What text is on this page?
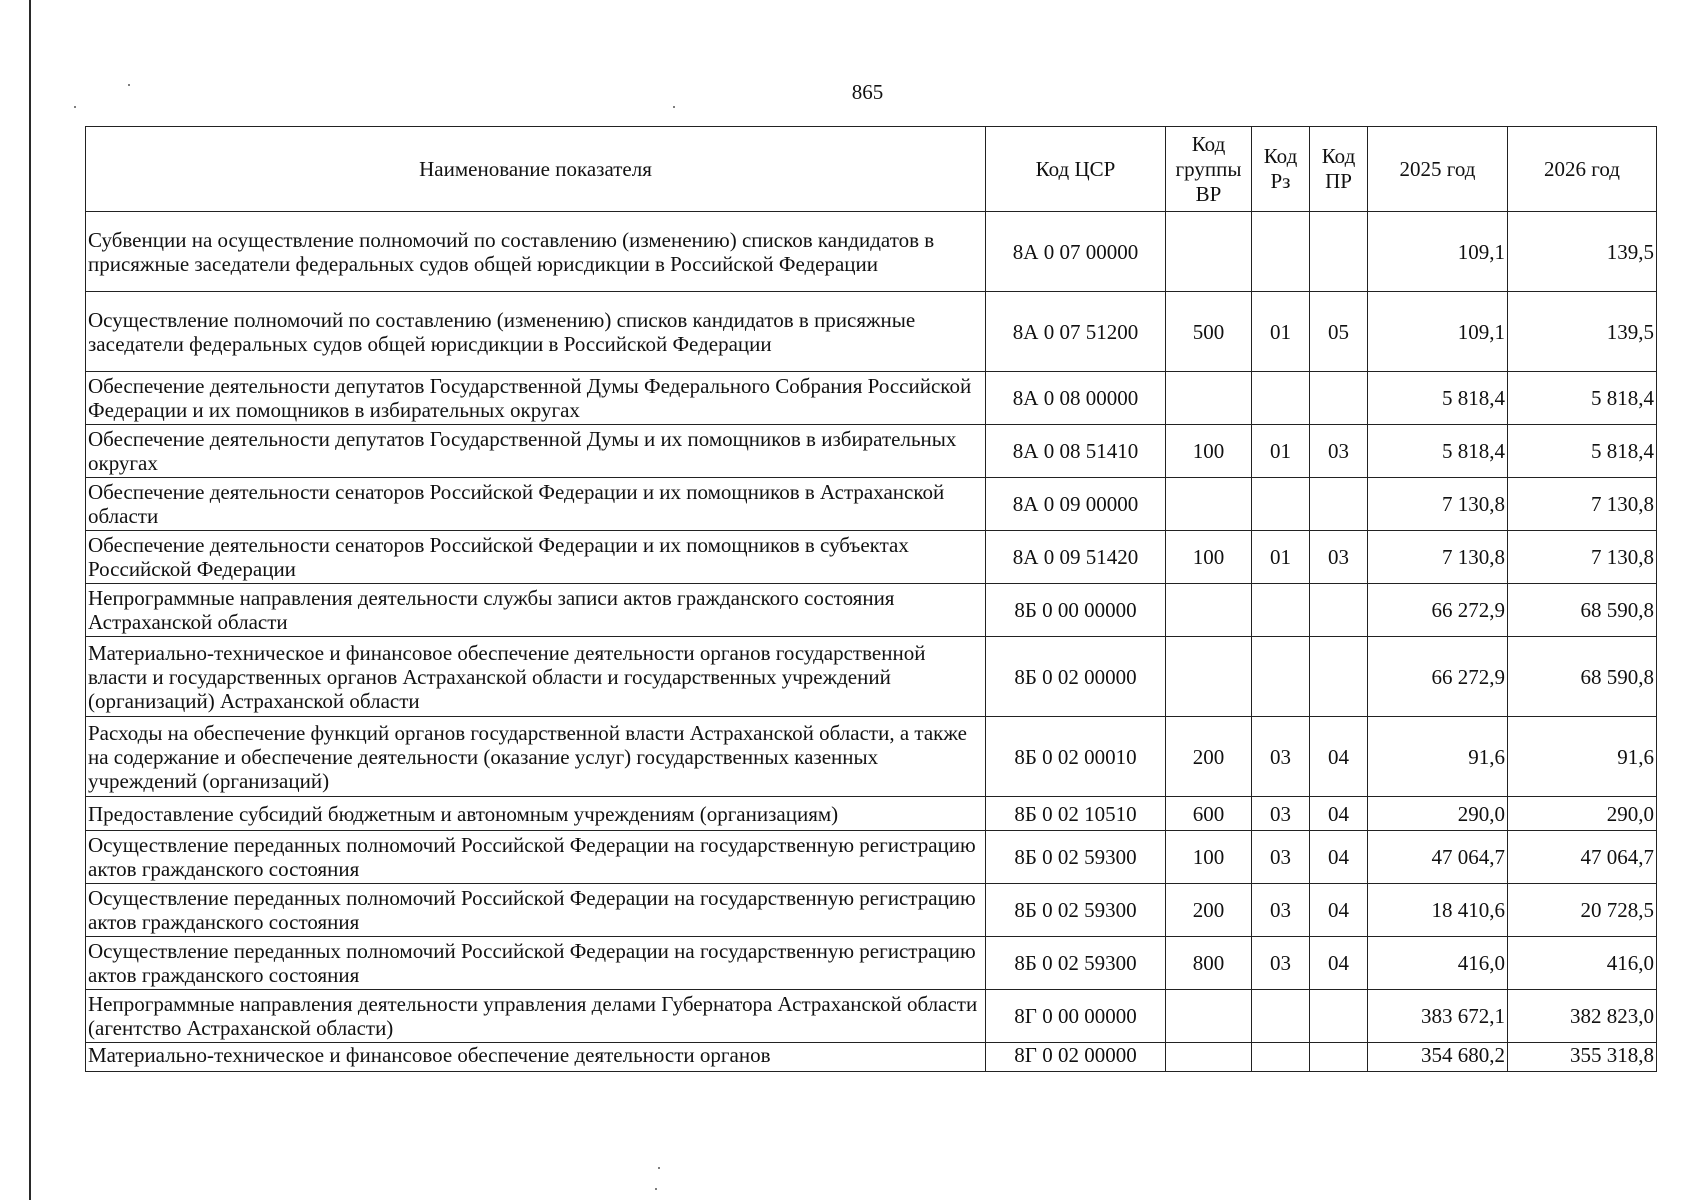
865
Наименование показателя	Код ЦСР	Код группы ВР	Код Рз	Код ПР	2025 год	2026 год
Субвенции на осуществление полномочий по составлению (изменению) списков кандидатов в присяжные заседатели федеральных судов общей юрисдикции в Российской Федерации	8А 0 07 00000				109,1	139,5
Осуществление полномочий по составлению (изменению) списков кандидатов в присяжные заседатели федеральных судов общей юрисдикции в Российской Федерации	8А 0 07 51200	500	01	05	109,1	139,5
Обеспечение деятельности депутатов Государственной Думы Федерального Собрания Российской Федерации и их помощников в избирательных округах	8А 0 08 00000				5 818,4	5 818,4
Обеспечение деятельности депутатов Государственной Думы и их помощников в избирательных округах	8А 0 08 51410	100	01	03	5 818,4	5 818,4
Обеспечение деятельности сенаторов Российской Федерации и их помощников в Астраханской области	8А 0 09 00000				7 130,8	7 130,8
Обеспечение деятельности сенаторов Российской Федерации и их помощников в субъектах Российской Федерации	8А 0 09 51420	100	01	03	7 130,8	7 130,8
Непрограммные направления деятельности службы записи актов гражданского состояния Астраханской области	8Б 0 00 00000				66 272,9	68 590,8
Материально-техническое и финансовое обеспечение деятельности органов государственной власти и государственных органов Астраханской области и государственных учреждений (организаций) Астраханской области	8Б 0 02 00000				66 272,9	68 590,8
Расходы на обеспечение функций органов государственной власти Астраханской области, а также на содержание и обеспечение деятельности (оказание услуг) государственных казенных учреждений (организаций)	8Б 0 02 00010	200	03	04	91,6	91,6
Предоставление субсидий бюджетным и автономным учреждениям (организациям)	8Б 0 02 10510	600	03	04	290,0	290,0
Осуществление переданных полномочий Российской Федерации на государственную регистрацию актов гражданского состояния	8Б 0 02 59300	100	03	04	47 064,7	47 064,7
Осуществление переданных полномочий Российской Федерации на государственную регистрацию актов гражданского состояния	8Б 0 02 59300	200	03	04	18 410,6	20 728,5
Осуществление переданных полномочий Российской Федерации на государственную регистрацию актов гражданского состояния	8Б 0 02 59300	800	03	04	416,0	416,0
Непрограммные направления деятельности управления делами Губернатора Астраханской области (агентство Астраханской области)	8Г 0 00 00000				383 672,1	382 823,0
Материально-техническое и финансовое обеспечение деятельности органов	8Г 0 02 00000				354 680,2	355 318,8
